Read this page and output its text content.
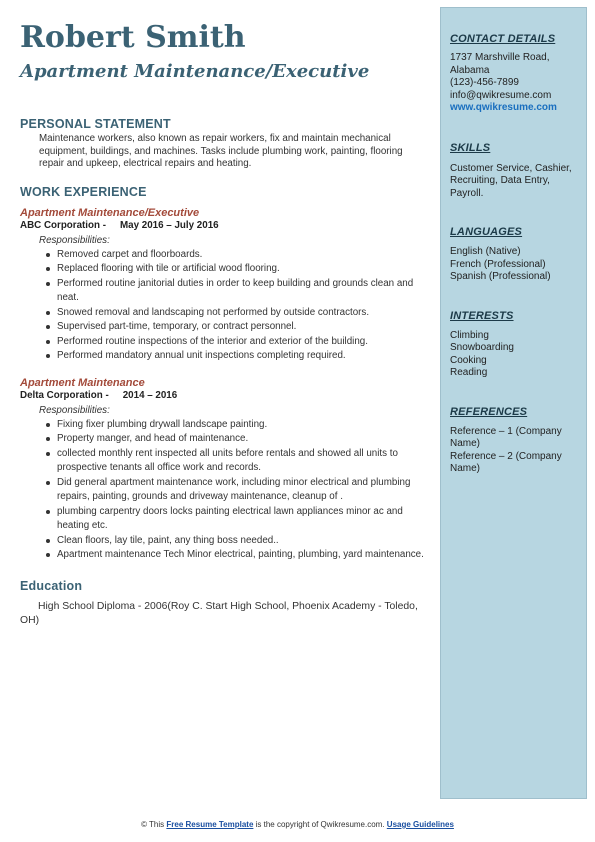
Robert Smith
Apartment Maintenance/Executive
PERSONAL STATEMENT
Maintenance workers, also known as repair workers, fix and maintain mechanical equipment, buildings, and machines. Tasks include plumbing work, painting, flooring repair and upkeep, electrical repairs and heating.
WORK EXPERIENCE
Apartment Maintenance/Executive
ABC Corporation - May 2016 – July 2016
Responsibilities:
Removed carpet and floorboards.
Replaced flooring with tile or artificial wood flooring.
Performed routine janitorial duties in order to keep building and grounds clean and neat.
Snowed removal and landscaping not performed by outside contractors.
Supervised part-time, temporary, or contract personnel.
Performed routine inspections of the interior and exterior of the building.
Performed mandatory annual unit inspections completing required.
Apartment Maintenance
Delta Corporation - 2014 – 2016
Responsibilities:
Fixing fixer plumbing drywall landscape painting.
Property manger, and head of maintenance.
collected monthly rent inspected all units before rentals and showed all units to prospective tenants all office work and records.
Did general apartment maintenance work, including minor electrical and plumbing repairs, painting, grounds and driveway maintenance, cleanup of .
plumbing carpentry doors locks painting electrical lawn appliances minor ac and heating etc.
Clean floors, lay tile, paint, any thing boss needed..
Apartment maintenance Tech Minor electrical, painting, plumbing, yard maintenance.
Education
High School Diploma - 2006(Roy C. Start High School, Phoenix Academy - Toledo, OH)
CONTACT DETAILS
1737 Marshville Road,
Alabama
(123)-456-7899
info@qwikresume.com
www.qwikresume.com
SKILLS
Customer Service, Cashier, Recruiting, Data Entry, Payroll.
LANGUAGES
English (Native)
French (Professional)
Spanish (Professional)
INTERESTS
Climbing
Snowboarding
Cooking
Reading
REFERENCES
Reference – 1 (Company Name)
Reference – 2 (Company Name)
© This Free Resume Template is the copyright of Qwikresume.com. Usage Guidelines
